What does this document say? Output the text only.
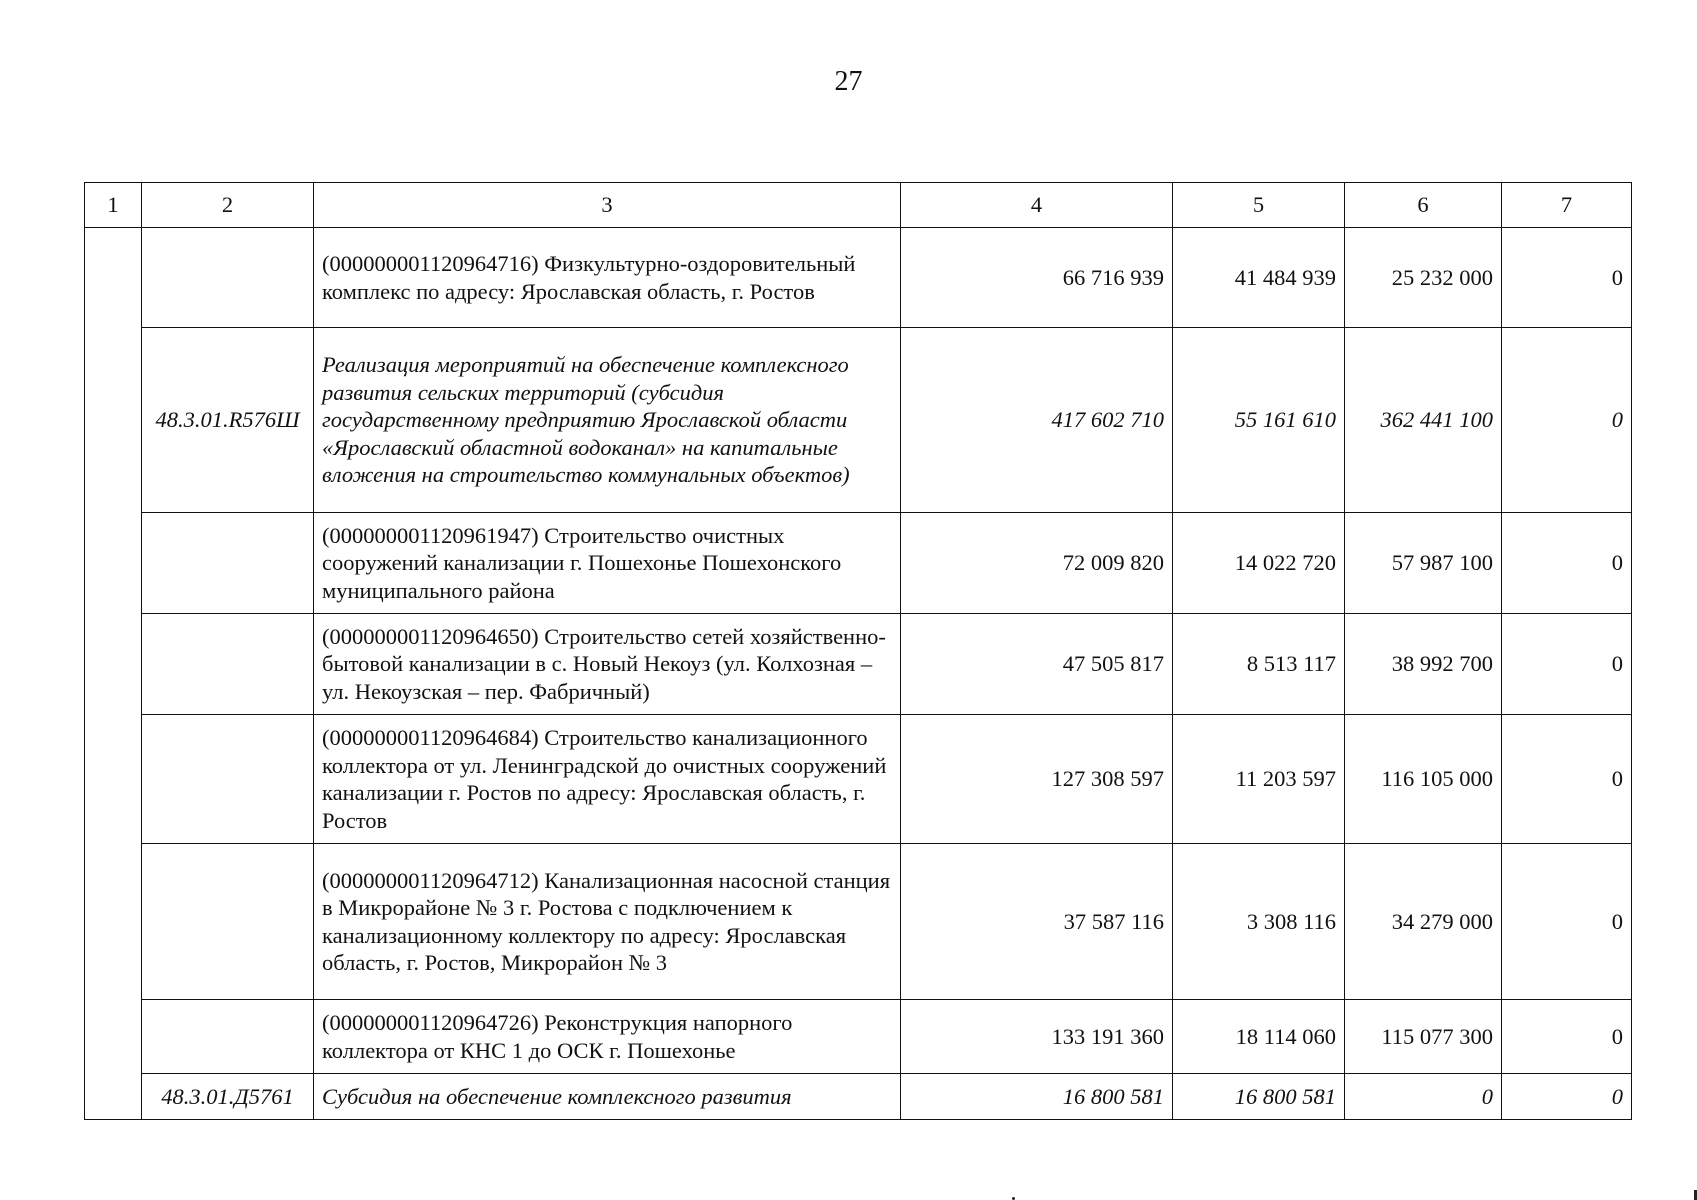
27
1	2	3	4	5	6	7
		(000000001120964716) Физкультурно-оздоровительный комплекс по адресу: Ярославская область, г. Ростов	66 716 939	41 484 939	25 232 000	0
	48.3.01.R576Ш	Реализация мероприятий на обеспечение комплексного развития сельских территорий (субсидия государственному предприятию Ярославской области «Ярославский областной водоканал» на капитальные вложения на строительство коммунальных объектов)	417 602 710	55 161 610	362 441 100	0
		(000000001120961947) Строительство очистных сооружений канализации г. Пошехонье Пошехонского муниципального района	72 009 820	14 022 720	57 987 100	0
		(000000001120964650) Строительство сетей хозяйственно-бытовой канализации в с. Новый Некоуз (ул. Колхозная – ул. Некоузская – пер. Фабричный)	47 505 817	8 513 117	38 992 700	0
		(000000001120964684) Строительство канализационного коллектора от ул. Ленинградской до очистных сооружений канализации г. Ростов по адресу: Ярославская область, г. Ростов	127 308 597	11 203 597	116 105 000	0
		(000000001120964712) Канализационная насосной станция в Микрорайоне № 3 г. Ростова с подключением к канализационному коллектору по адресу: Ярославская область, г. Ростов, Микрорайон № 3	37 587 116	3 308 116	34 279 000	0
		(000000001120964726) Реконструкция напорного коллектора от КНС 1 до ОСК г. Пошехонье	133 191 360	18 114 060	115 077 300	0
	48.3.01.Д5761	Субсидия на обеспечение комплексного развития	16 800 581	16 800 581	0	0
